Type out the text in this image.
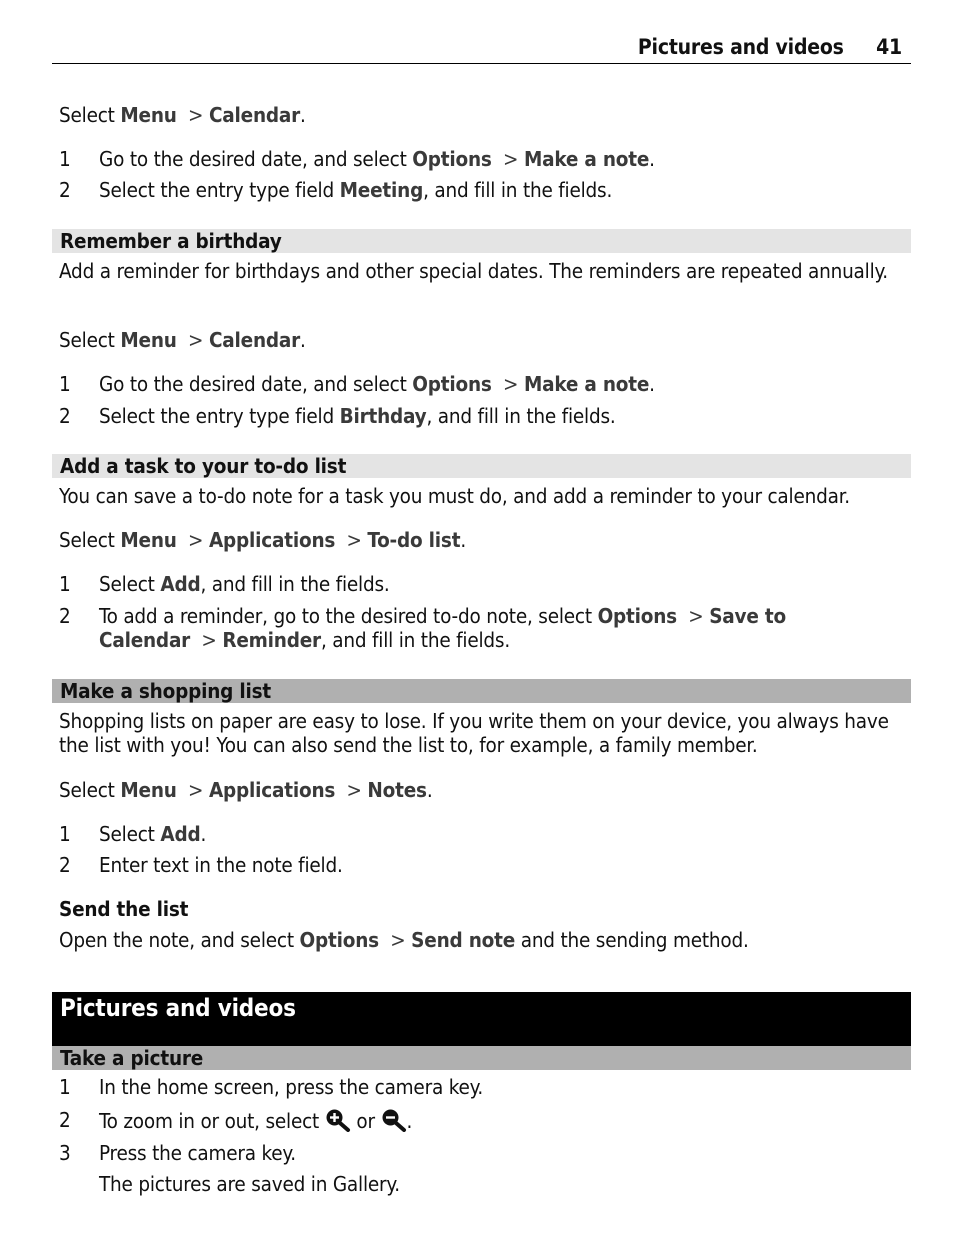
Pictures and videos 41
Select Menu > Calendar.
1 Go to the desired date, and select Options > Make a note.
2 Select the entry type field Meeting, and fill in the fields.
Remember a birthday
Add a reminder for birthdays and other special dates. The reminders are repeated annually.
Select Menu > Calendar.
1 Go to the desired date, and select Options > Make a note.
2 Select the entry type field Birthday, and fill in the fields.
Add a task to your to-do list
You can save a to-do note for a task you must do, and add a reminder to your calendar.
Select Menu > Applications > To-do list.
1 Select Add, and fill in the fields.
2 To add a reminder, go to the desired to-do note, select Options > Save to Calendar > Reminder, and fill in the fields.
Make a shopping list
Shopping lists on paper are easy to lose. If you write them on your device, you always have the list with you! You can also send the list to, for example, a family member.
Select Menu > Applications > Notes.
1 Select Add.
2 Enter text in the note field.
Send the list
Open the note, and select Options > Send note and the sending method.
Pictures and videos
Take a picture
1 In the home screen, press the camera key.
2 To zoom in or out, select or .
3 Press the camera key.
The pictures are saved in Gallery.
